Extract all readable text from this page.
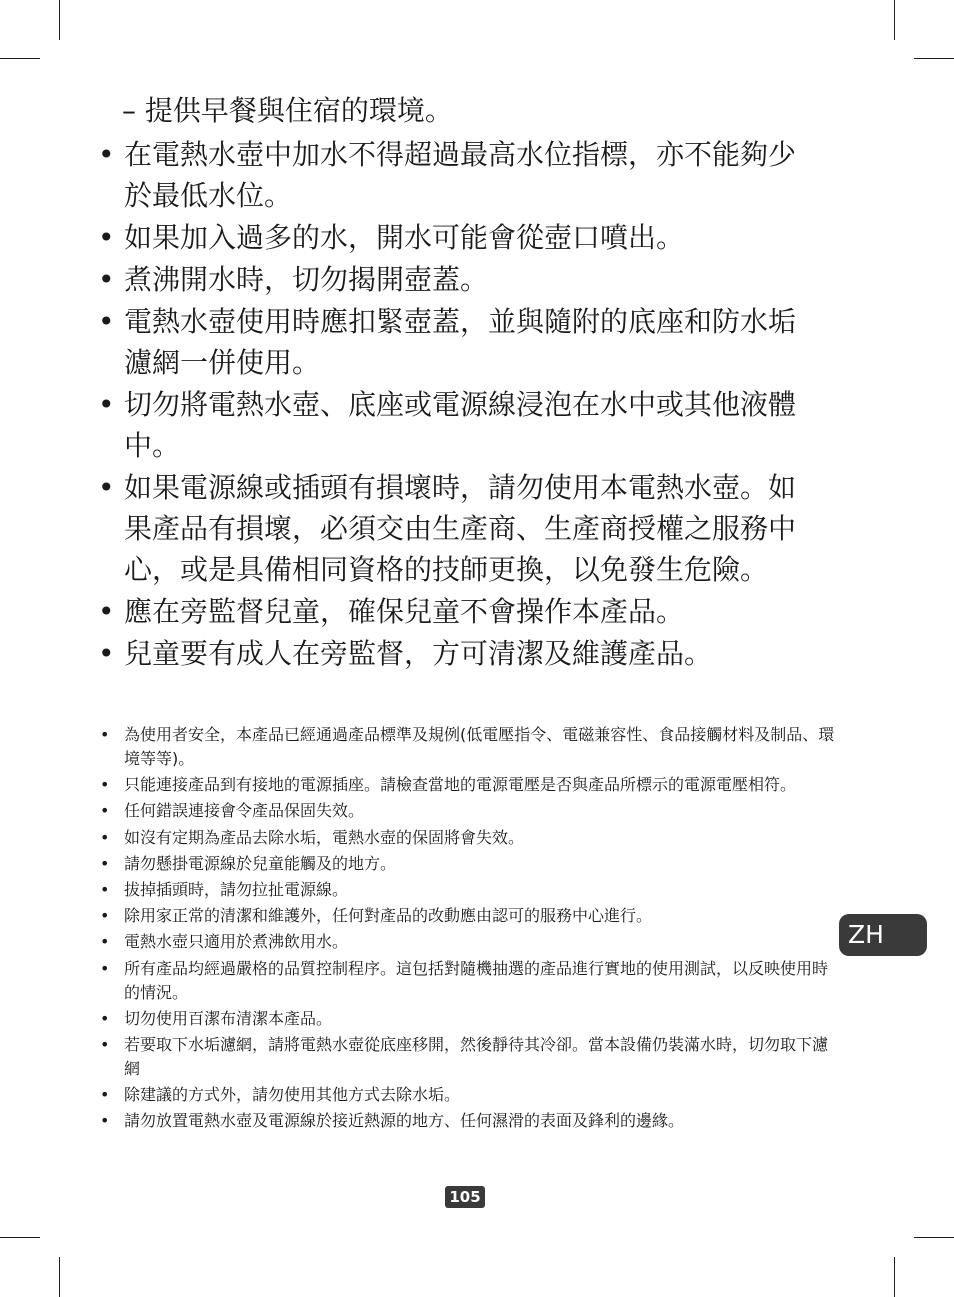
– 提供早餐與住宿的環境。
• 在電熱水壺中加水不得超過最高水位指標，亦不能夠少於最低水位。
• 如果加入過多的水，開水可能會從壺口噴出。
• 煮沸開水時，切勿揭開壺蓋。
• 電熱水壺使用時應扣緊壺蓋，並與隨附的底座和防水垢濾網一併使用。
• 切勿將電熱水壺、底座或電源線浸泡在水中或其他液體中。
• 如果電源線或插頭有損壞時，請勿使用本電熱水壺。如果產品有損壞，必須交由生產商、生產商授權之服務中心，或是具備相同資格的技師更換，以免發生危險。
• 應在旁監督兒童，確保兒童不會操作本產品。
• 兒童要有成人在旁監督，方可清潔及維護產品。
• 為使用者安全，本產品已經通過產品標準及規例(低電壓指令、電磁兼容性、食品接觸材料及制品、環境等等)。
• 只能連接產品到有接地的電源插座。請檢查當地的電源電壓是否與產品所標示的電源電壓相符。
• 任何錯誤連接會令產品保固失效。
• 如沒有定期為產品去除水垢，電熱水壺的保固將會失效。
• 請勿懸掛電源線於兒童能觸及的地方。
• 拔掉插頭時，請勿拉扯電源線。
• 除用家正常的清潔和維護外，任何對產品的改動應由認可的服務中心進行。
• 電熱水壺只適用於煮沸飲用水。
• 所有產品均經過嚴格的品質控制程序。這包括對隨機抽選的產品進行實地的使用測試，以反映使用時的情況。
• 切勿使用百潔布清潔本產品。
• 若要取下水垢濾網，請將電熱水壺從底座移開，然後靜待其冷卻。當本設備仍裝滿水時，切勿取下濾網
• 除建議的方式外，請勿使用其他方式去除水垢。
• 請勿放置電熱水壺及電源線於接近熱源的地方、任何濕滑的表面及鋒利的邊緣。
ZH
105
